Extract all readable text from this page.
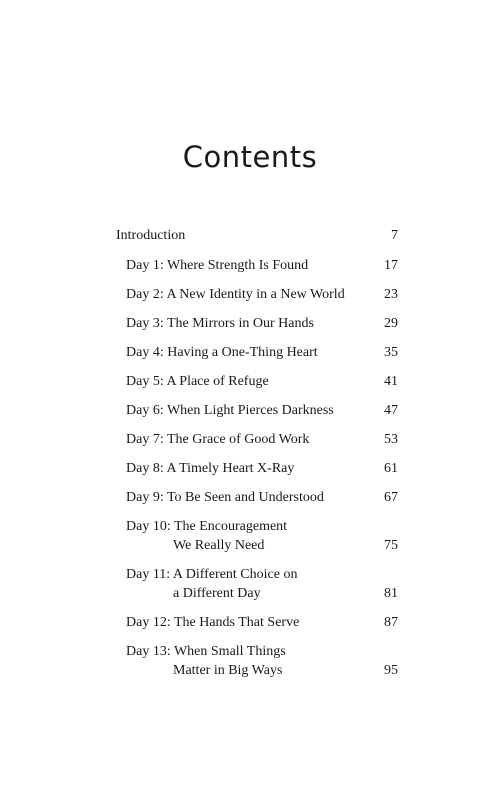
Contents
Introduction	7
Day 1: Where Strength Is Found	17
Day 2: A New Identity in a New World	23
Day 3: The Mirrors in Our Hands	29
Day 4: Having a One-Thing Heart	35
Day 5: A Place of Refuge	41
Day 6: When Light Pierces Darkness	47
Day 7: The Grace of Good Work	53
Day 8: A Timely Heart X-Ray	61
Day 9: To Be Seen and Understood	67
Day 10: The Encouragement
We Really Need	75
Day 11: A Different Choice on
a Different Day	81
Day 12: The Hands That Serve	87
Day 13: When Small Things
Matter in Big Ways	95
